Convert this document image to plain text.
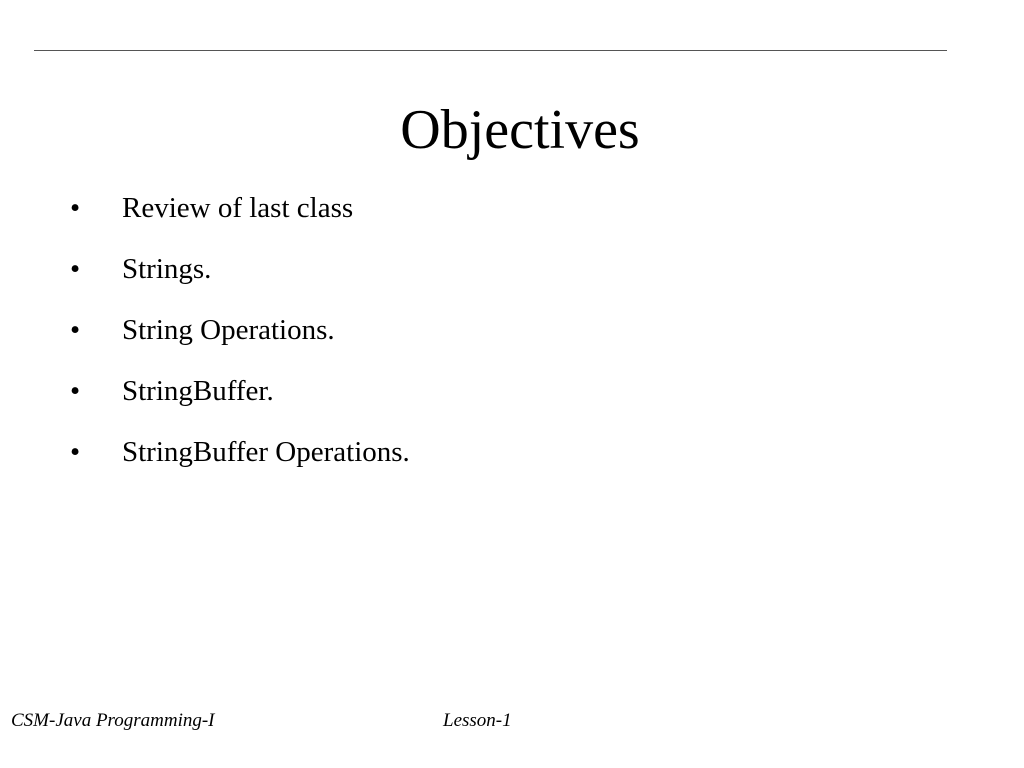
Objectives
•	Review of last class
•	Strings.
•	String Operations.
•	StringBuffer.
•	StringBuffer Operations.
CSM-Java Programming-I	Lesson-1
